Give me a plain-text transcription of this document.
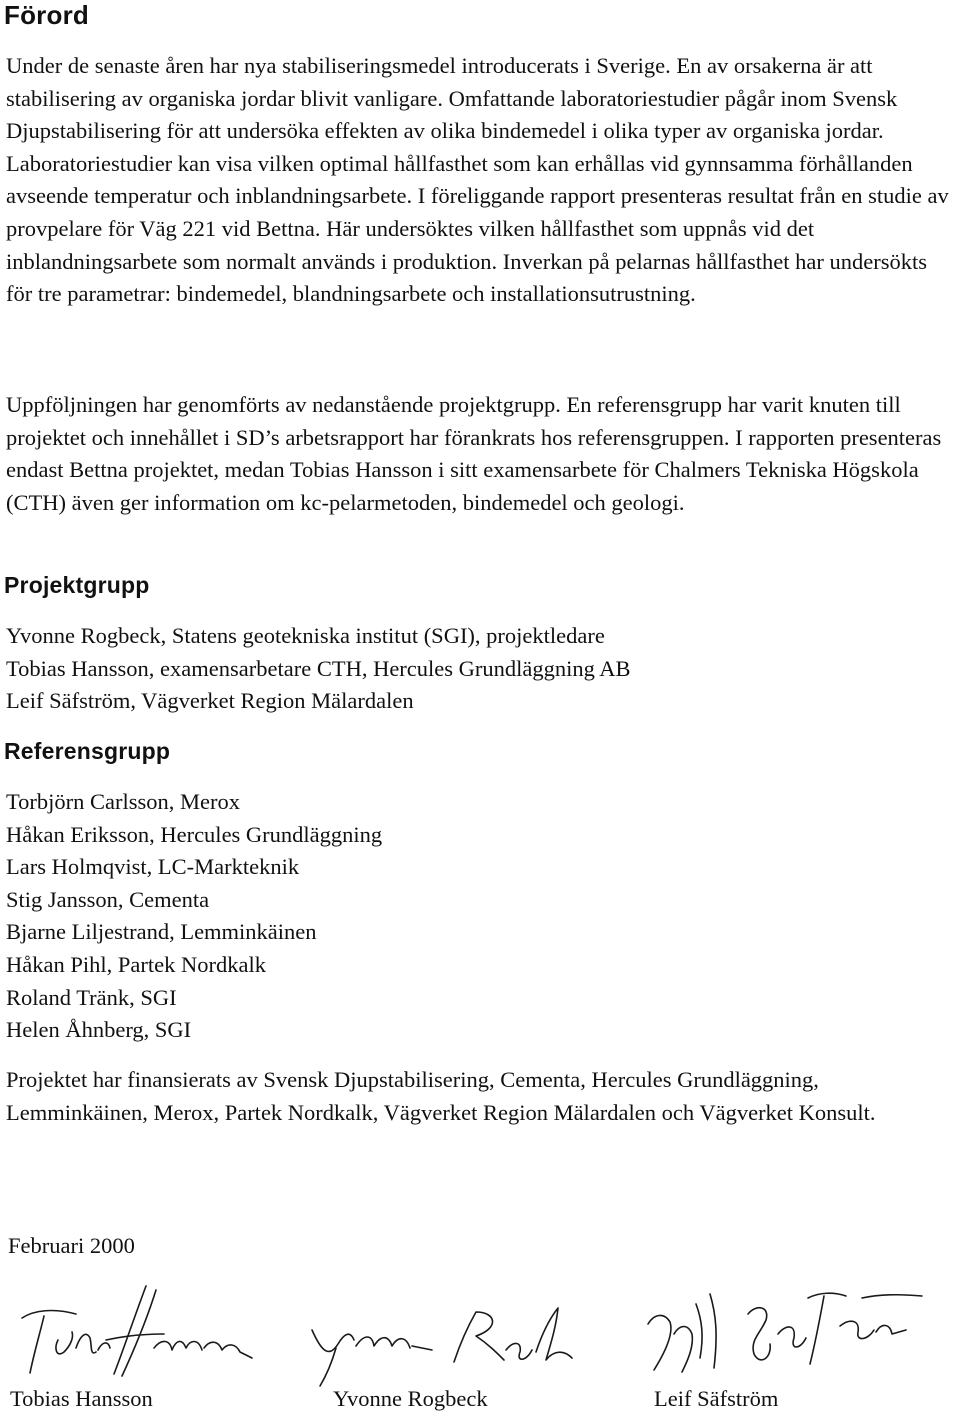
Förord

Under de senaste åren har nya stabiliseringsmedel introducerats i Sverige. En av orsakerna är att stabilisering av organiska jordar blivit vanligare. Omfattande laboratoriestudier pågår inom Svensk Djupstabilisering för att undersöka effekten av olika bindemedel i olika typer av organiska jordar. Laboratoriestudier kan visa vilken optimal hållfasthet som kan erhållas vid gynnsamma förhållanden avseende temperatur och inblandningsarbete. I föreliggande rapport presenteras resultat från en studie av provpelare för Väg 221 vid Bettna. Här undersöktes vilken hållfasthet som uppnås vid det inblandningsarbete som normalt används i produktion. Inverkan på pelarnas hållfasthet har undersökts för tre parametrar: bindemedel, blandningsarbete och installationsutrustning.

Uppföljningen har genomförts av nedanstående projektgrupp. En referensgrupp har varit knuten till projektet och innehållet i SD’s arbetsrapport har förankrats hos referensgruppen. I rapporten presenteras endast Bettna projektet, medan Tobias Hansson i sitt examensarbete för Chalmers Tekniska Högskola (CTH) även ger information om kc-pelarmetoden, bindemedel och geologi.

Projektgrupp
Yvonne Rogbeck, Statens geotekniska institut (SGI), projektledare
Tobias Hansson, examensarbetare CTH, Hercules Grundläggning AB
Leif Säfström, Vägverket Region Mälardalen
Referensgrupp
Torbjörn Carlsson, Merox
Håkan Eriksson, Hercules Grundläggning
Lars Holmqvist, LC-Markteknik
Stig Jansson, Cementa
Bjarne Liljestrand, Lemminkäinen
Håkan Pihl, Partek Nordkalk
Roland Tränk, SGI
Helen Åhnberg, SGI

Projektet har finansierats av Svensk Djupstabilisering, Cementa, Hercules Grundläggning, Lemminkäinen, Merox, Partek Nordkalk, Vägverket Region Mälardalen och Vägverket Konsult.

Februari 2000
Tobias Hansson	Yvonne Rogbeck	Leif Säfström
